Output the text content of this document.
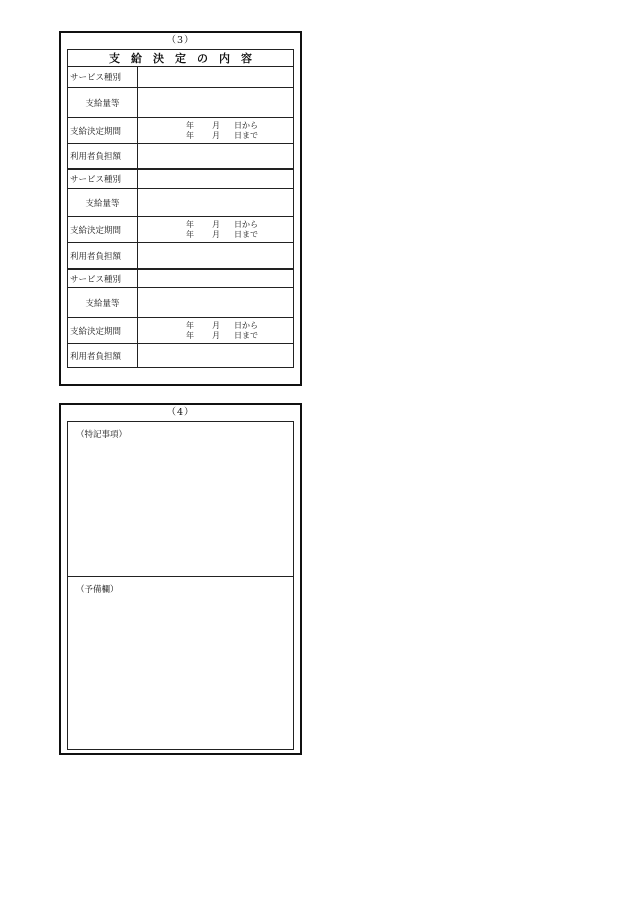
（3）
支給決定の内容
サービス種別
支給量等
支給決定期間
年	月	日から
年	月	日まで
利用者負担額
サービス種別
支給量等
支給決定期間
年	月	日から
年	月	日まで
利用者負担額
サービス種別
支給量等
支給決定期間
年	月	日から
年	月	日まで
利用者負担額
（4）
（特記事項）
（予備欄）
